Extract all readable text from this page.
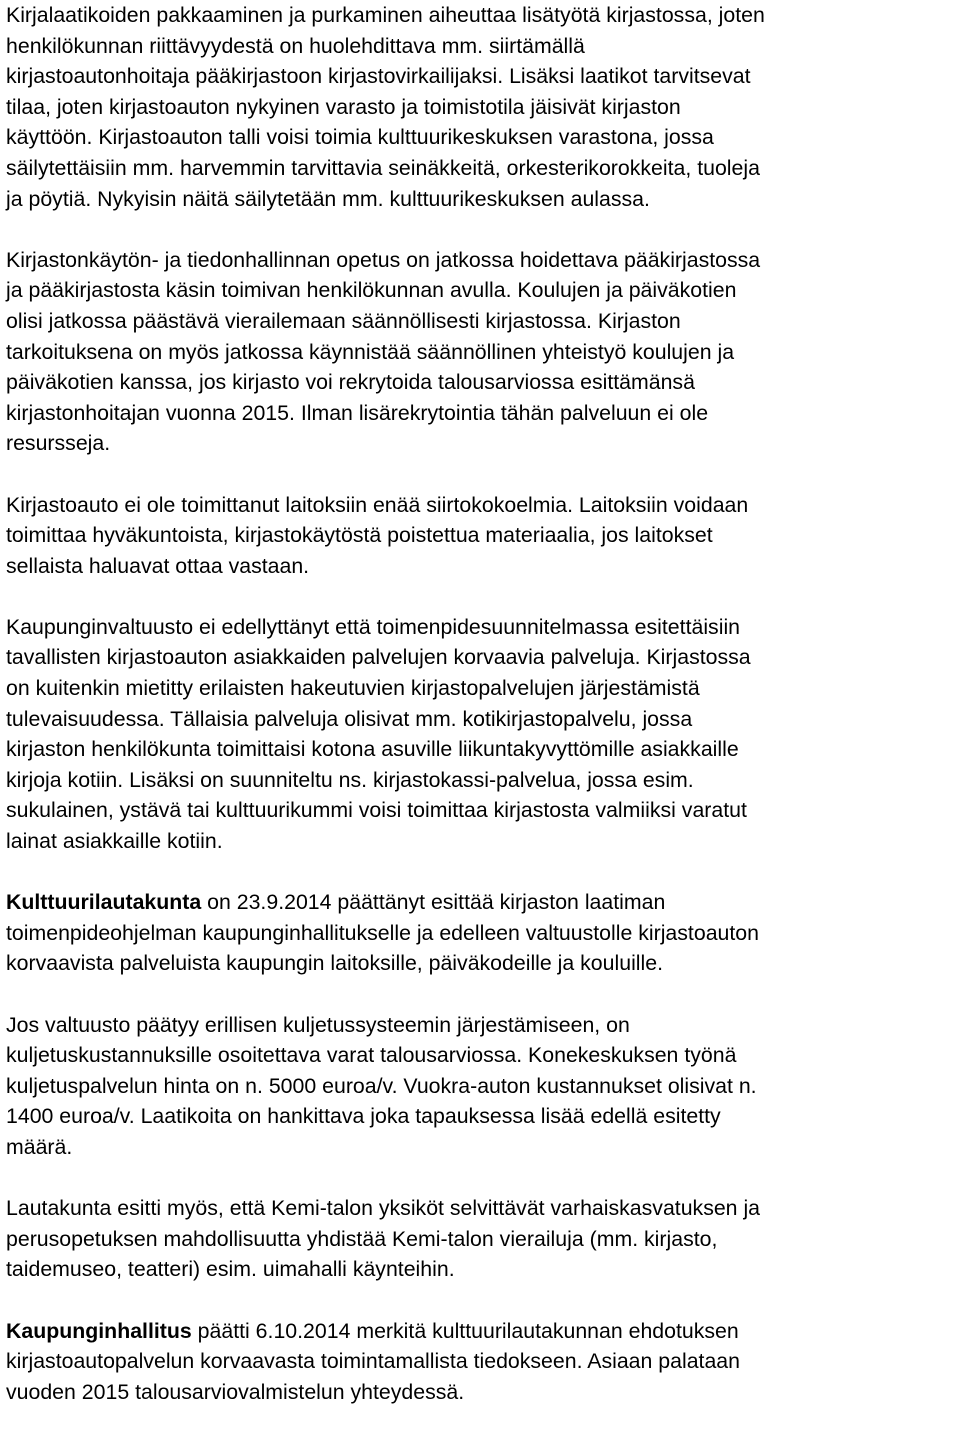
Kirjalaatikoiden pakkaaminen ja purkaminen aiheuttaa lisätyötä kirjastossa, joten
henkilökunnan riittävyydestä on huolehdittava mm. siirtämällä
kirjastoautonhoitaja pääkirjastoon kirjastovirkailijaksi. Lisäksi laatikot tarvitsevat
tilaa, joten kirjastoauton nykyinen varasto ja toimistotila jäisivät kirjaston
käyttöön. Kirjastoauton talli voisi toimia kulttuurikeskuksen varastona, jossa
säilytettäisiin mm. harvemmin tarvittavia seinäkkeitä, orkesterikorokkeita, tuoleja
ja pöytiä. Nykyisin näitä säilytetään mm. kulttuurikeskuksen aulassa.

Kirjastonkäytön- ja tiedonhallinnan opetus on jatkossa hoidettava pääkirjastossa
ja pääkirjastosta käsin toimivan henkilökunnan avulla. Koulujen ja päiväkotien
olisi jatkossa päästävä vierailemaan säännöllisesti kirjastossa. Kirjaston
tarkoituksena on myös jatkossa käynnistää säännöllinen yhteistyö koulujen ja
päiväkotien kanssa, jos kirjasto voi rekrytoida talousarviossa esittämänsä
kirjastonhoitajan vuonna 2015. Ilman lisärekrytointia tähän palveluun ei ole
resursseja.

Kirjastoauto ei ole toimittanut laitoksiin enää siirtokokoelmia. Laitoksiin voidaan
toimittaa hyväkuntoista, kirjastokäytöstä poistettua materiaalia, jos laitokset
sellaista haluavat ottaa vastaan.

Kaupunginvaltuusto ei edellyttänyt että toimenpidesuunnitelmassa esitettäisiin
tavallisten kirjastoauton asiakkaiden palvelujen korvaavia palveluja. Kirjastossa
on kuitenkin mietitty erilaisten hakeutuvien kirjastopalvelujen järjestämistä
tulevaisuudessa. Tällaisia palveluja olisivat mm. kotikirjastopalvelu, jossa
kirjaston henkilökunta toimittaisi kotona asuville liikuntakyvyttömille asiakkaille
kirjoja kotiin. Lisäksi on suunniteltu ns. kirjastokassi-palvelua, jossa esim.
sukulainen, ystävä tai kulttuurikummi voisi toimittaa kirjastosta valmiiksi varatut
lainat asiakkaille kotiin.

Kulttuurilautakunta on 23.9.2014 päättänyt esittää kirjaston laatiman
toimenpideohjelman kaupunginhallitukselle ja edelleen valtuustolle kirjastoauton
korvaavista palveluista kaupungin laitoksille, päiväkodeille ja kouluille.

Jos valtuusto päätyy erillisen kuljetussysteemin järjestämiseen, on
kuljetuskustannuksille osoitettava varat talousarviossa. Konekeskuksen työnä
kuljetuspalvelun hinta on n. 5000 euroa/v. Vuokra-auton kustannukset olisivat n.
1400 euroa/v. Laatikoita on hankittava joka tapauksessa lisää edellä esitetty
määrä.

Lautakunta esitti myös, että Kemi-talon yksiköt selvittävät varhaiskasvatuksen ja
perusopetuksen mahdollisuutta yhdistää Kemi-talon vierailuja (mm. kirjasto,
taidemuseo, teatteri) esim. uimahalli käynteihin.

Kaupunginhallitus päätti 6.10.2014 merkitä kulttuurilautakunnan ehdotuksen
kirjastoautopalvelun korvaavasta toimintamallista tiedokseen. Asiaan palataan
vuoden 2015 talousarviovalmistelun yhteydessä.
